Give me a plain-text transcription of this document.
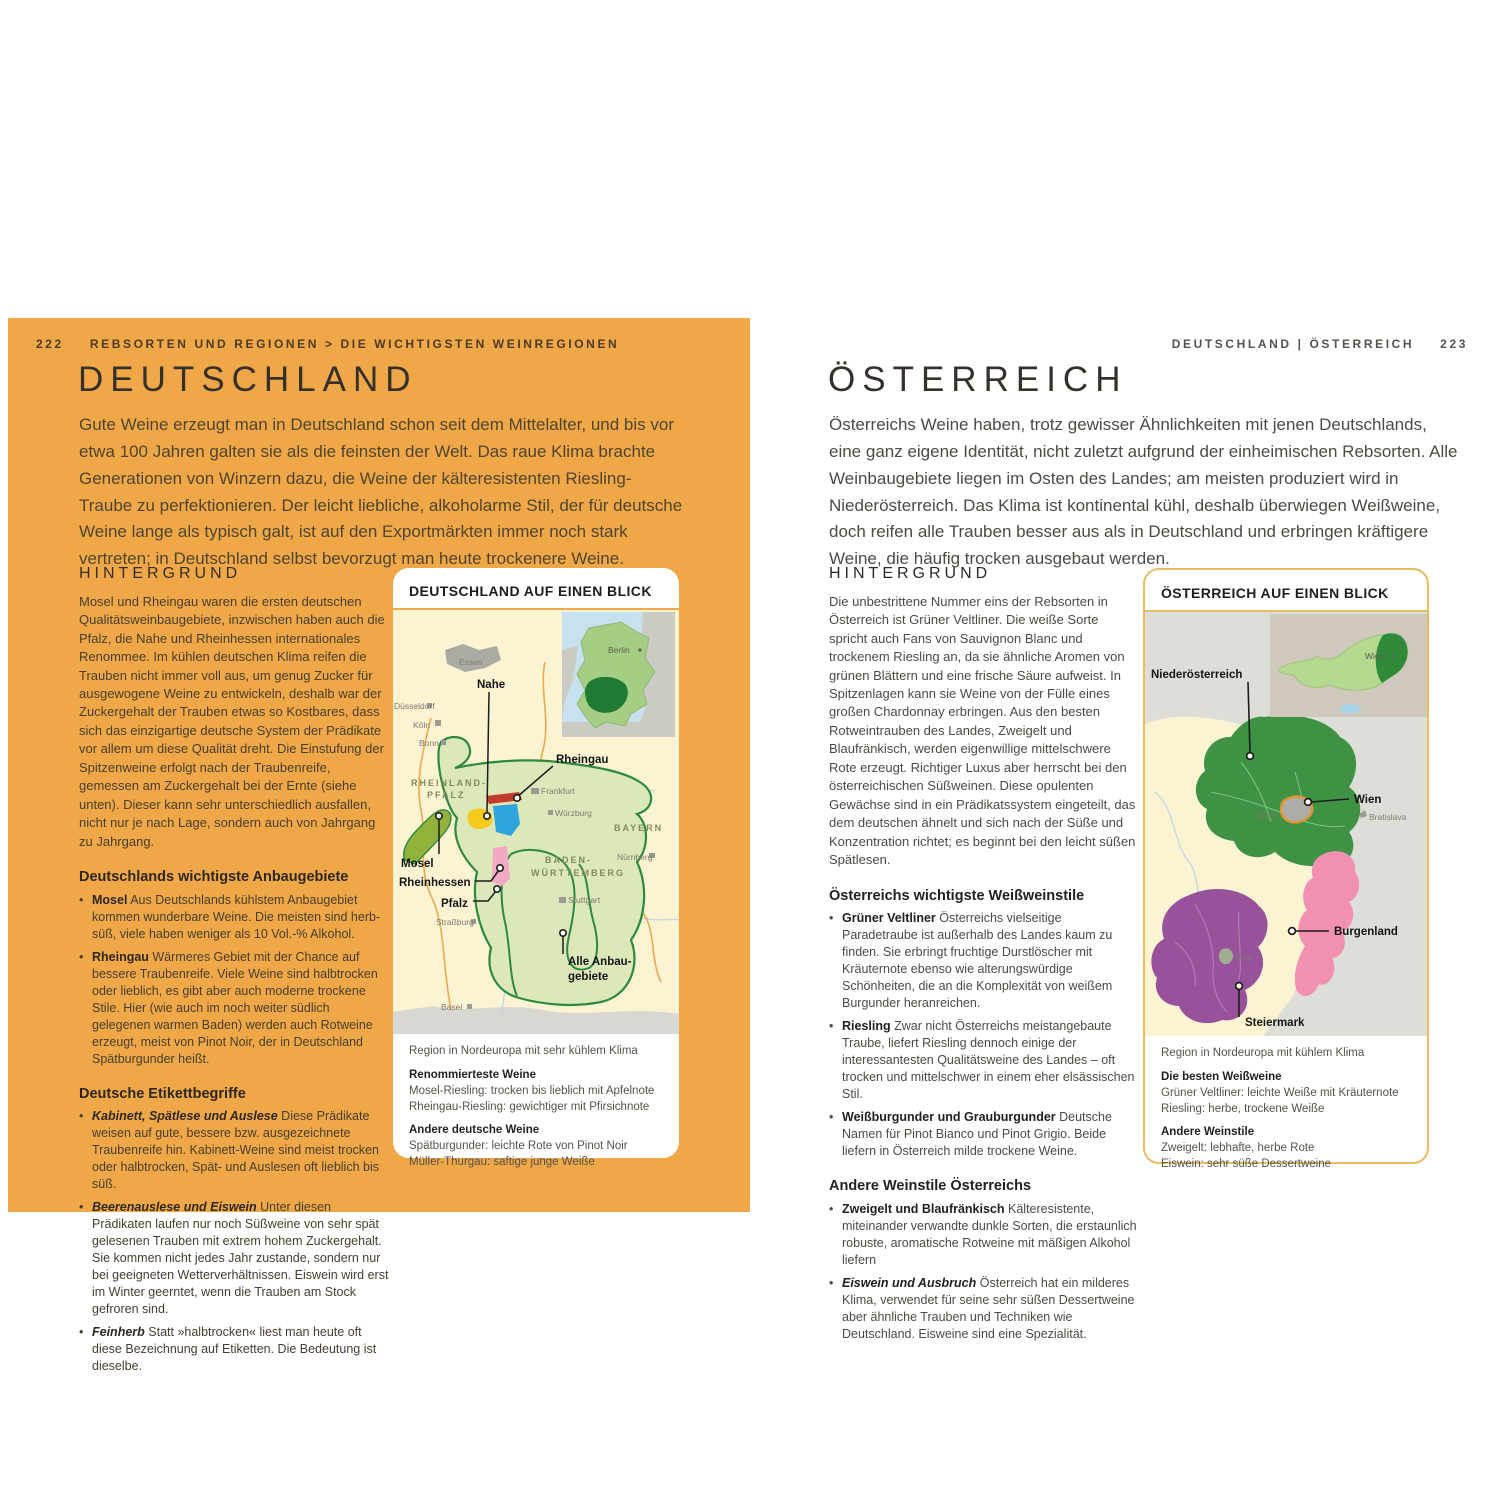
222 REBSORTEN UND REGIONEN > DIE WICHTIGSTEN WEINREGIONEN
DEUTSCHLAND
Gute Weine erzeugt man in Deutschland schon seit dem Mittelalter, und bis vor etwa 100 Jahren galten sie als die feinsten der Welt. Das raue Klima brachte Generationen von Winzern dazu, die Weine der kälteresistenten Riesling-Traube zu perfektionieren. Der leicht liebliche, alkoholarme Stil, der für deutsche Weine lange als typisch galt, ist auf den Exportmärkten immer noch stark vertreten; in Deutschland selbst bevorzugt man heute trockenere Weine.

HINTERGRUND

Mosel und Rheingau waren die ersten deutschen Qualitätsweinbaugebiete, inzwischen haben auch die Pfalz, die Nahe und Rheinhessen internationales Renommee. Im kühlen deutschen Klima reifen die Trauben nicht immer voll aus, um genug Zucker für ausgewogene Weine zu entwickeln, deshalb war der Zuckergehalt der Trauben etwas so Kostbares, dass sich das einzigartige deutsche System der Prädikate vor allem um diese Qualität dreht. Die Einstufung der Spitzenweine erfolgt nach der Traubenreife, gemessen am Zuckergehalt bei der Ernte (siehe unten). Dieser kann sehr unterschiedlich ausfallen, nicht nur je nach Lage, sondern auch von Jahrgang zu Jahrgang.

Deutschlands wichtigste Anbaugebiete

• Mosel Aus Deutschlands kühlstem Anbaugebiet kommen wunderbare Weine. Die meisten sind herb-süß, viele haben weniger als 10 Vol.-% Alkohol.
• Rheingau Wärmeres Gebiet mit der Chance auf bessere Traubenreife. Viele Weine sind halbtrocken oder lieblich, es gibt aber auch moderne trockene Stile. Hier (wie auch im noch weiter südlich gelegenen warmen Baden) werden auch Rotweine erzeugt, meist von Pinot Noir, der in Deutschland Spätburgunder heißt.

Deutsche Etikettbegriffe

• Kabinett, Spätlese und Auslese Diese Prädikate weisen auf gute, bessere bzw. ausgezeichnete Traubenreife hin. Kabinett-Weine sind meist trocken oder halbtrocken, Spät- und Auslesen oft lieblich bis süß.
• Beerenauslese und Eiswein Unter diesen Prädikaten laufen nur noch Süßweine von sehr spät gelesenen Trauben mit extrem hohem Zuckergehalt. Sie kommen nicht jedes Jahr zustande, sondern nur bei geeigneten Wetterverhältnissen. Eiswein wird erst im Winter geerntet, wenn die Trauben am Stock gefroren sind.
• Feinherb Statt »halbtrocken« liest man heute oft diese Bezeichnung auf Etiketten. Die Bedeutung ist dieselbe.

DEUTSCHLAND AUF EINEN BLICK

Berlin
Essen
Düsseldorf
Köln
Bonn
Frankfurt
Würzburg
Nürnberg
Stuttgart
Straßburg
Basel
RHEINLAND-
PFALZ
BAYERN
BADEN-
WÜRTTEMBERG
Nahe
Rheingau
Mosel
Rheinhessen
Pfalz
Alle Anbau-
gebiete
Region in Nordeuropa mit sehr kühlem Klima
Renommierteste Weine
Mosel-Riesling: trocken bis lieblich mit Apfelnote
Rheingau-Riesling: gewichtiger mit Pfirsichnote
Andere deutsche Weine
Spätburgunder: leichte Rote von Pinot Noir Müller-Thurgau: saftige junge Weiße
DEUTSCHLAND | ÖSTERREICH 223
ÖSTERREICH
Österreichs Weine haben, trotz gewisser Ähnlichkeiten mit jenen Deutschlands, eine ganz eigene Identität, nicht zuletzt aufgrund der einheimischen Rebsorten. Alle Weinbaugebiete liegen im Osten des Landes; am meisten produziert wird in Niederösterreich. Das Klima ist kontinental kühl, deshalb überwiegen Weißweine, doch reifen alle Trauben besser aus als in Deutschland und erbringen kräftigere Weine, die häufig trocken ausgebaut werden.

HINTERGRUND

Die unbestrittene Nummer eins der Rebsorten in Österreich ist Grüner Veltliner. Die weiße Sorte spricht auch Fans von Sauvignon Blanc und trockenem Riesling an, da sie ähnliche Aromen von grünen Blättern und eine frische Säure aufweist. In Spitzenlagen kann sie Weine von der Fülle eines großen Chardonnay erbringen. Aus den besten Rotweintrauben des Landes, Zweigelt und Blaufränkisch, werden eigenwillige mittelschwere Rote erzeugt. Richtiger Luxus aber herrscht bei den österreichischen Süßweinen. Diese opulenten Gewächse sind in ein Prädikatssystem eingeteilt, das dem deutschen ähnelt und sich nach der Süße und Konzentration richtet; es beginnt bei den leicht süßen Spätlesen.

Österreichs wichtigste Weißweinstile

• Grüner Veltliner Österreichs vielseitige Paradetraube ist außerhalb des Landes kaum zu finden. Sie erbringt fruchtige Durstlöscher mit Kräuternote ebenso wie alterungswürdige Schönheiten, die an die Komplexität von weißem Burgunder heranreichen.
• Riesling Zwar nicht Österreichs meistangebaute Traube, liefert Riesling dennoch einige der interessantesten Qualitätsweine des Landes – oft trocken und mittelschwer in einem eher elsässischen Stil.
• Weißburgunder und Grauburgunder Deutsche Namen für Pinot Bianco und Pinot Grigio. Beide liefern in Österreich milde trockene Weine.

Andere Weinstile Österreichs

• Zweigelt und Blaufränkisch Kälteresistente, miteinander verwandte dunkle Sorten, die erstaunlich robuste, aromatische Rotweine mit mäßigen Alkohol liefern
• Eiswein und Ausbruch Österreich hat ein milderes Klima, verwendet für seine sehr süßen Dessertweine aber ähnliche Trauben und Techniken wie Deutschland. Eisweine sind eine Spezialität.

ÖSTERREICH AUF EINEN BLICK

Wien	Bratislava
Graz
Wien
Niederösterreich
Wien
Burgenland
Steiermark
Region in Nordeuropa mit kühlem Klima
Die besten Weißweine
Grüner Veltliner: leichte Weiße mit Kräuternote
Riesling: herbe, trockene Weiße
Andere Weinstile
Zweigelt: lebhafte, herbe Rote
Eiswein: sehr süße Dessertweine
